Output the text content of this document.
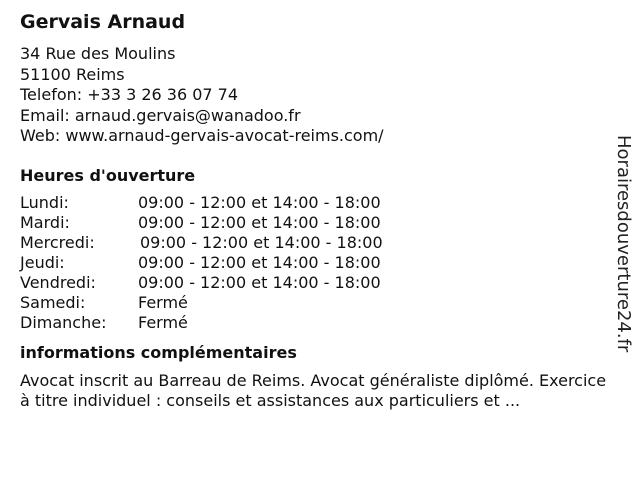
Gervais Arnaud
34 Rue des Moulins
51100 Reims
Telefon: +33 3 26 36 07 74
Email: arnaud.gervais@wanadoo.fr
Web: www.arnaud-gervais-avocat-reims.com/
Heures d'ouverture
Lundi:	09:00 - 12:00 et 14:00 - 18:00
Mardi:	09:00 - 12:00 et 14:00 - 18:00
Mercredi:	09:00 - 12:00 et 14:00 - 18:00
Jeudi:	09:00 - 12:00 et 14:00 - 18:00
Vendredi:	09:00 - 12:00 et 14:00 - 18:00
Samedi:	Fermé
Dimanche:	Fermé
informations complémentaires
Avocat inscrit au Barreau de Reims. Avocat généraliste diplômé. Exercice à titre individuel : conseils et assistances aux particuliers et ...
Horairesdouverture24.fr
